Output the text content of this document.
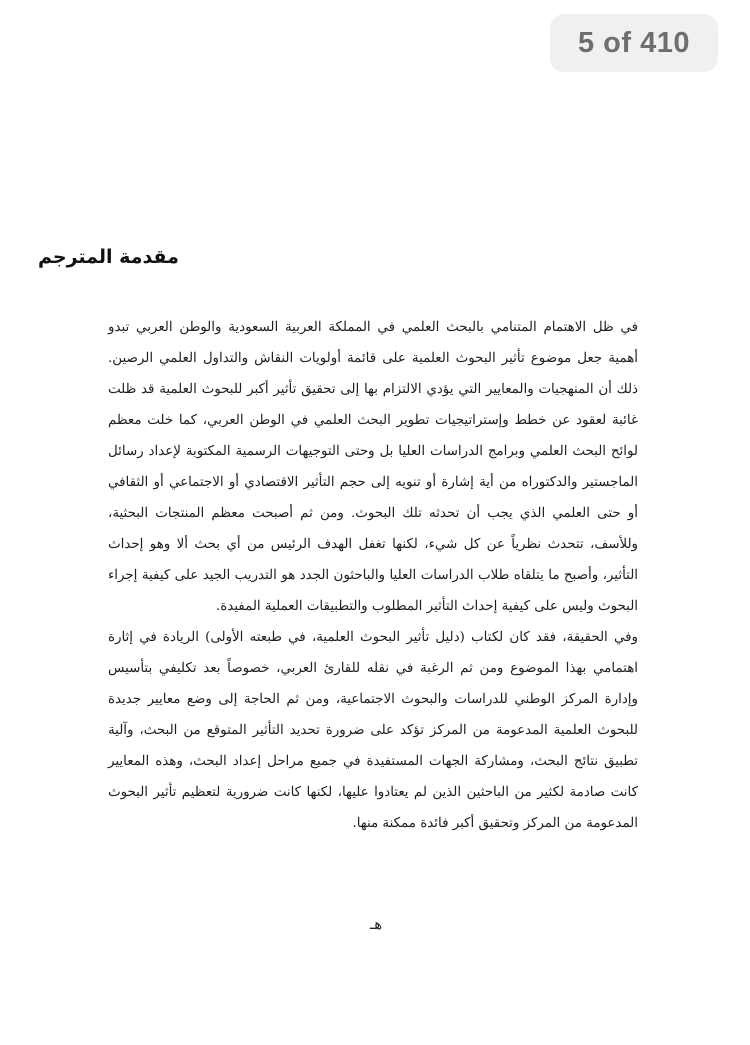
5 of 410
مقدمة المترجم

في ظل الاهتمام المتنامي بالبحث العلمي في المملكة العربية السعودية والوطن العربي تبدو أهمية جعل موضوع تأثير البحوث العلمية على قائمة أولويات النقاش والتداول العلمي الرصين. ذلك أن المنهجيات والمعايير التي يؤدي الالتزام بها إلى تحقيق تأثير أكبر للبحوث العلمية قد ظلت غائبة لعقود عن خطط وإستراتيجيات تطوير البحث العلمي في الوطن العربي، كما خلت معظم لوائح البحث العلمي وبرامج الدراسات العليا بل وحتى التوجيهات الرسمية المكتوبة لإعداد رسائل الماجستير والدكتوراه من أية إشارة أو تنويه إلى حجم التأثير الاقتصادي أو الاجتماعي أو الثقافي أو حتى العلمي الذي يجب أن تحدثه تلك البحوث. ومن ثم أصبحت معظم المنتجات البحثية، وللأسف، تتحدث نظرياً عن كل شيء، لكنها تغفل الهدف الرئيس من أي بحث ألا وهو إحداث التأثير، وأصبح ما يتلقاه طلاب الدراسات العليا والباحثون الجدد هو التدريب الجيد على كيفية إجراء البحوث وليس على كيفية إحداث التأثير المطلوب والتطبيقات العملية المفيدة.

وفي الحقيقة، فقد كان لكتاب (دليل تأثير البحوث العلمية، في طبعته الأولى) الريادة في إثارة اهتمامي بهذا الموضوع ومن ثم الرغبة في نقله للقارئ العربي، خصوصاً بعد تكليفي بتأسيس وإدارة المركز الوطني للدراسات والبحوث الاجتماعية، ومن ثم الحاجة إلى وضع معايير جديدة للبحوث العلمية المدعومة من المركز تؤكد على ضرورة تحديد التأثير المتوقع من البحث، وآلية تطبيق نتائج البحث، ومشاركة الجهات المستفيدة في جميع مراحل إعداد البحث، وهذه المعايير كانت صادمة لكثير من الباحثين الذين لم يعتادوا عليها، لكنها كانت ضرورية لتعظيم تأثير البحوث المدعومة من المركز وتحقيق أكبر فائدة ممكنة منها.

هـ
